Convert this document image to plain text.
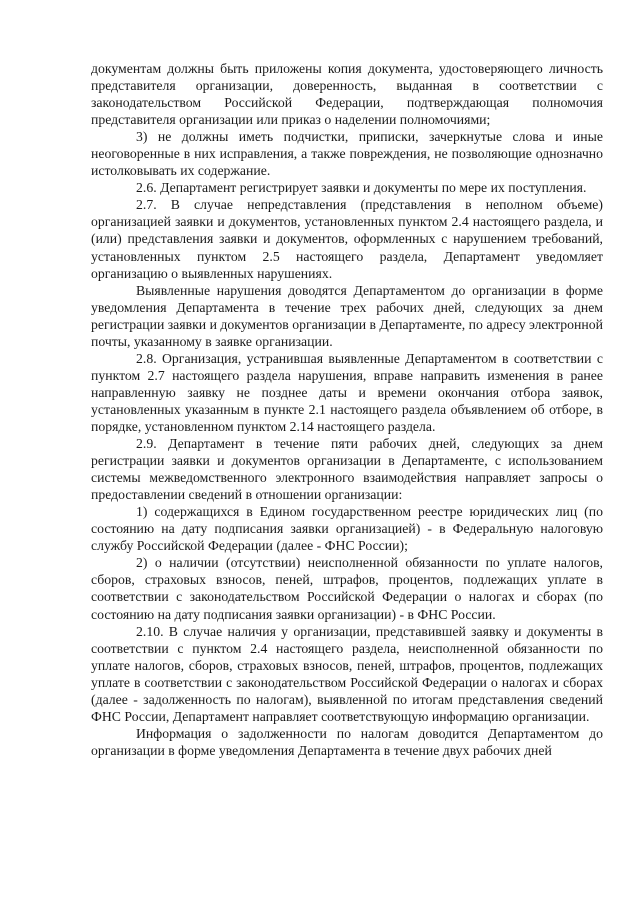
документам должны быть приложены копия документа, удостоверяющего личность представителя организации, доверенность, выданная в соответствии с законодательством Российской Федерации, подтверждающая полномочия представителя организации или приказ о наделении полномочиями;

3) не должны иметь подчистки, приписки, зачеркнутые слова и иные неоговоренные в них исправления, а также повреждения, не позволяющие однозначно истолковывать их содержание.

2.6. Департамент регистрирует заявки и документы по мере их поступления.

2.7. В случае непредставления (представления в неполном объеме) организацией заявки и документов, установленных пунктом 2.4 настоящего раздела, и (или) представления заявки и документов, оформленных с нарушением требований, установленных пунктом 2.5 настоящего раздела, Департамент уведомляет организацию о выявленных нарушениях.

Выявленные нарушения доводятся Департаментом до организации в форме уведомления Департамента в течение трех рабочих дней, следующих за днем регистрации заявки и документов организации в Департаменте, по адресу электронной почты, указанному в заявке организации.

2.8. Организация, устранившая выявленные Департаментом в соответствии с пунктом 2.7 настоящего раздела нарушения, вправе направить изменения в ранее направленную заявку не позднее даты и времени окончания отбора заявок, установленных указанным в пункте 2.1 настоящего раздела объявлением об отборе, в порядке, установленном пунктом 2.14 настоящего раздела.

2.9. Департамент в течение пяти рабочих дней, следующих за днем регистрации заявки и документов организации в Департаменте, с использованием системы межведомственного электронного взаимодействия направляет запросы о предоставлении сведений в отношении организации:

1) содержащихся в Едином государственном реестре юридических лиц (по состоянию на дату подписания заявки организацией) - в Федеральную налоговую службу Российской Федерации (далее - ФНС России);

2) о наличии (отсутствии) неисполненной обязанности по уплате налогов, сборов, страховых взносов, пеней, штрафов, процентов, подлежащих уплате в соответствии с законодательством Российской Федерации о налогах и сборах (по состоянию на дату подписания заявки организации) - в ФНС России.

2.10. В случае наличия у организации, представившей заявку и документы в соответствии с пунктом 2.4 настоящего раздела, неисполненной обязанности по уплате налогов, сборов, страховых взносов, пеней, штрафов, процентов, подлежащих уплате в соответствии с законодательством Российской Федерации о налогах и сборах (далее - задолженность по налогам), выявленной по итогам представления сведений ФНС России, Департамент направляет соответствующую информацию организации.

Информация о задолженности по налогам доводится Департаментом до организации в форме уведомления Департамента в течение двух рабочих дней
